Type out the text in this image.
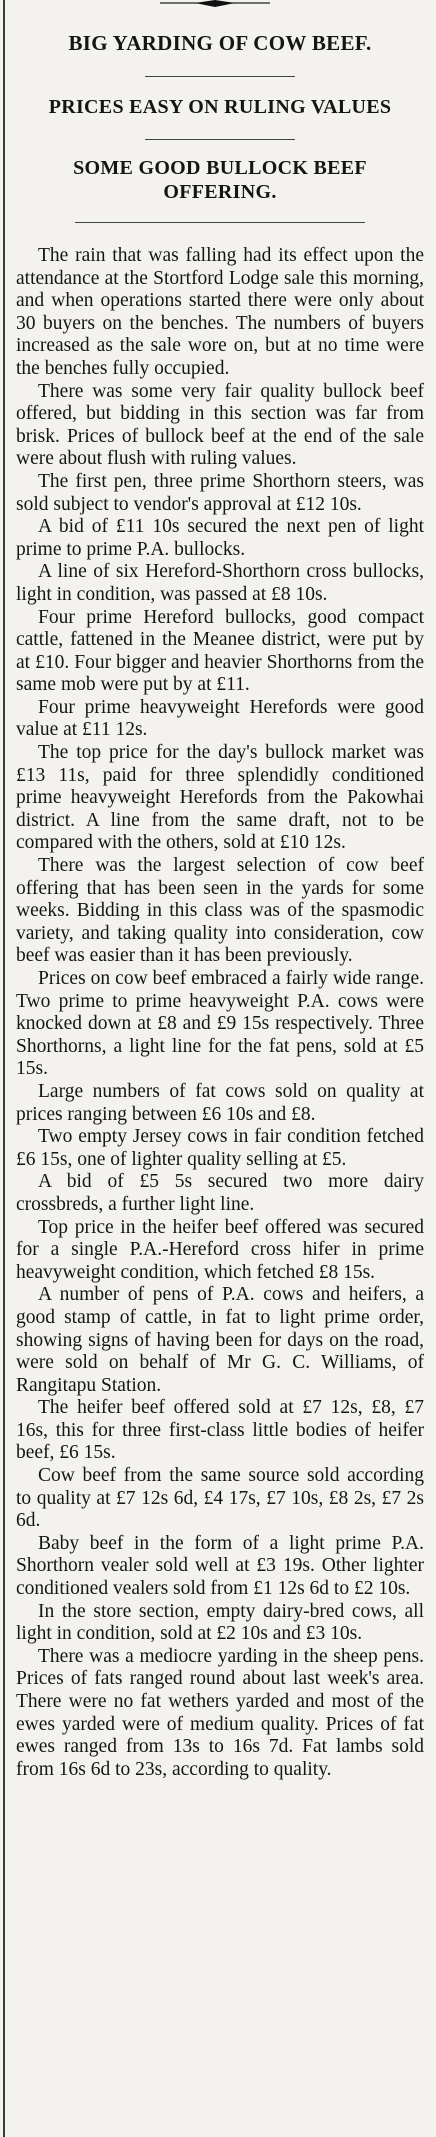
BIG YARDING OF COW BEEF.
PRICES EASY ON RULING VALUES
SOME GOOD BULLOCK BEEF OFFERING.

The rain that was falling had its effect upon the attendance at the Stortford Lodge sale this morning, and when operations started there were only about 30 buyers on the benches. The numbers of buyers increased as the sale wore on, but at no time were the benches fully occupied.

There was some very fair quality bullock beef offered, but bidding in this section was far from brisk. Prices of bullock beef at the end of the sale were about flush with ruling values.

The first pen, three prime Shorthorn steers, was sold subject to vendor's approval at £12 10s.

A bid of £11 10s secured the next pen of light prime to prime P.A. bullocks.

A line of six Hereford-Shorthorn cross bullocks, light in condition, was passed at £8 10s.

Four prime Hereford bullocks, good compact cattle, fattened in the Meanee district, were put by at £10. Four bigger and heavier Shorthorns from the same mob were put by at £11.

Four prime heavyweight Herefords were good value at £11 12s.

The top price for the day's bullock market was £13 11s, paid for three splendidly conditioned prime heavyweight Herefords from the Pakowhai district. A line from the same draft, not to be compared with the others, sold at £10 12s.

There was the largest selection of cow beef offering that has been seen in the yards for some weeks. Bidding in this class was of the spasmodic variety, and taking quality into consideration, cow beef was easier than it has been previously.

Prices on cow beef embraced a fairly wide range. Two prime to prime heavyweight P.A. cows were knocked down at £8 and £9 15s respectively. Three Shorthorns, a light line for the fat pens, sold at £5 15s.

Large numbers of fat cows sold on quality at prices ranging between £6 10s and £8.

Two empty Jersey cows in fair condition fetched £6 15s, one of lighter quality selling at £5.

A bid of £5 5s secured two more dairy crossbreds, a further light line.

Top price in the heifer beef offered was secured for a single P.A.-Hereford cross hifer in prime heavyweight condition, which fetched £8 15s.

A number of pens of P.A. cows and heifers, a good stamp of cattle, in fat to light prime order, showing signs of having been for days on the road, were sold on behalf of Mr G. C. Williams, of Rangitapu Station.

The heifer beef offered sold at £7 12s, £8, £7 16s, this for three first-class little bodies of heifer beef, £6 15s.

Cow beef from the same source sold according to quality at £7 12s 6d, £4 17s, £7 10s, £8 2s, £7 2s 6d.

Baby beef in the form of a light prime P.A. Shorthorn vealer sold well at £3 19s. Other lighter conditioned vealers sold from £1 12s 6d to £2 10s.

In the store section, empty dairy-bred cows, all light in condition, sold at £2 10s and £3 10s.

There was a mediocre yarding in the sheep pens. Prices of fats ranged round about last week's area. There were no fat wethers yarded and most of the ewes yarded were of medium quality. Prices of fat ewes ranged from 13s to 16s 7d. Fat lambs sold from 16s 6d to 23s, according to quality.
